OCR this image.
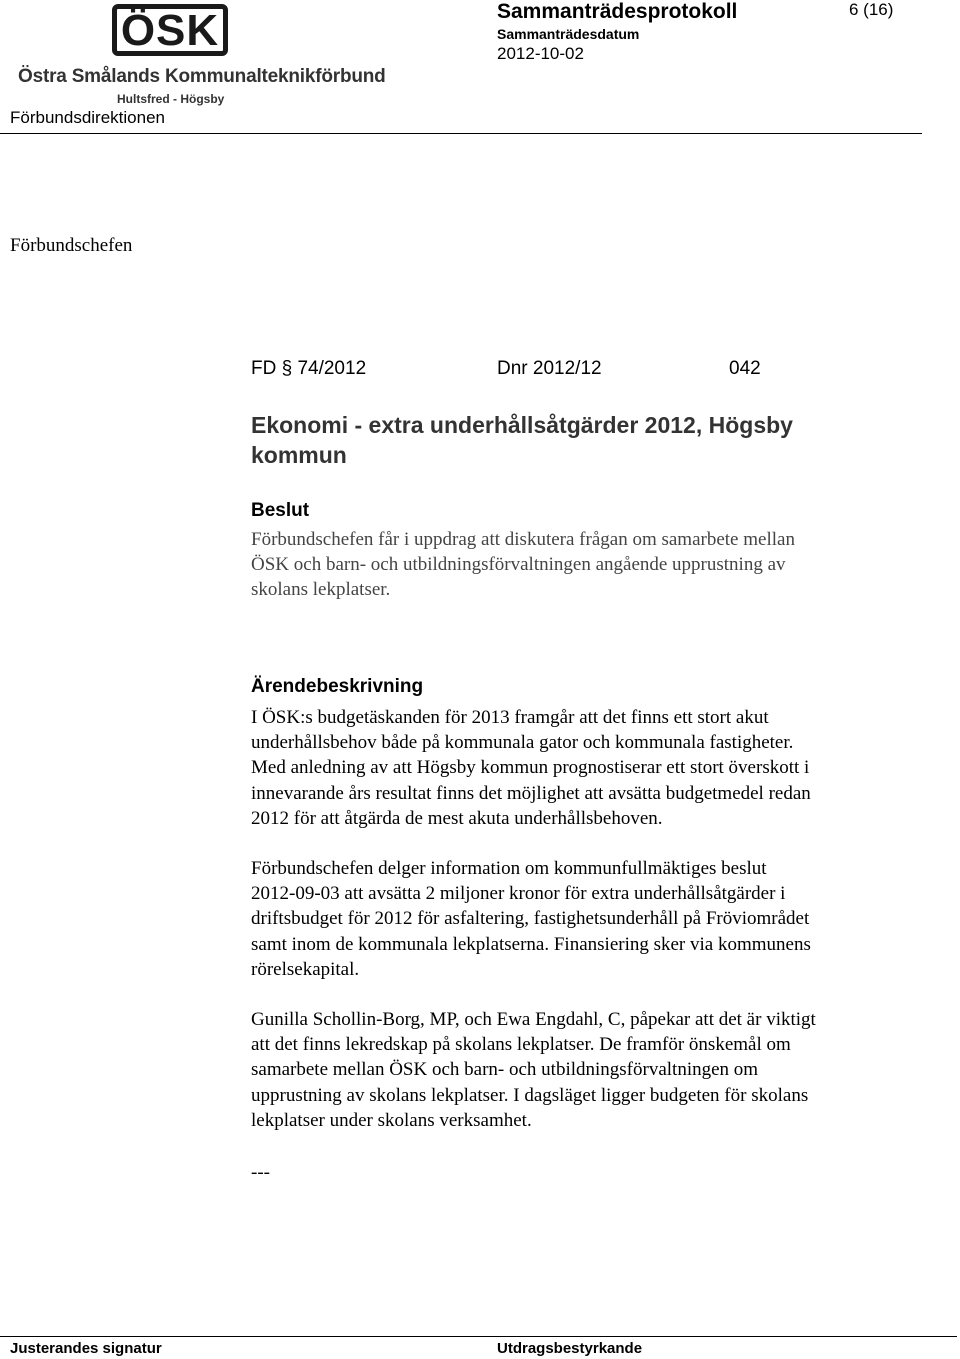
ÖSK
Östra Smålands Kommunalteknikförbund
Hultsfred - Högsby
Förbundsdirektionen
Sammanträdesprotokoll
Sammanträdesdatum
2012-10-02
6 (16)
Förbundschefen
FD § 74/2012	Dnr 2012/12	042
Ekonomi - extra underhållsåtgärder 2012, Högsby
kommun
Beslut
Förbundschefen får i uppdrag att diskutera frågan om samarbete mellan
ÖSK och barn- och utbildningsförvaltningen angående upprustning av
skolans lekplatser.
Ärendebeskrivning
I ÖSK:s budgetäskanden för 2013 framgår att det finns ett stort akut
underhållsbehov både på kommunala gator och kommunala fastigheter.
Med anledning av att Högsby kommun prognostiserar ett stort överskott i
innevarande års resultat finns det möjlighet att avsätta budgetmedel redan
2012 för att åtgärda de mest akuta underhållsbehoven.
Förbundschefen delger information om kommunfullmäktiges beslut
2012-09-03 att avsätta 2 miljoner kronor för extra underhållsåtgärder i
driftsbudget för 2012 för asfaltering, fastighetsunderhåll på Fröviområdet
samt inom de kommunala lekplatserna. Finansiering sker via kommunens
rörelsekapital.
Gunilla Schollin-Borg, MP, och Ewa Engdahl, C, påpekar att det är viktigt
att det finns lekredskap på skolans lekplatser. De framför önskemål om
samarbete mellan ÖSK och barn- och utbildningsförvaltningen om
upprustning av skolans lekplatser. I dagsläget ligger budgeten för skolans
lekplatser under skolans verksamhet.
---
Justerandes signatur	Utdragsbestyrkande
